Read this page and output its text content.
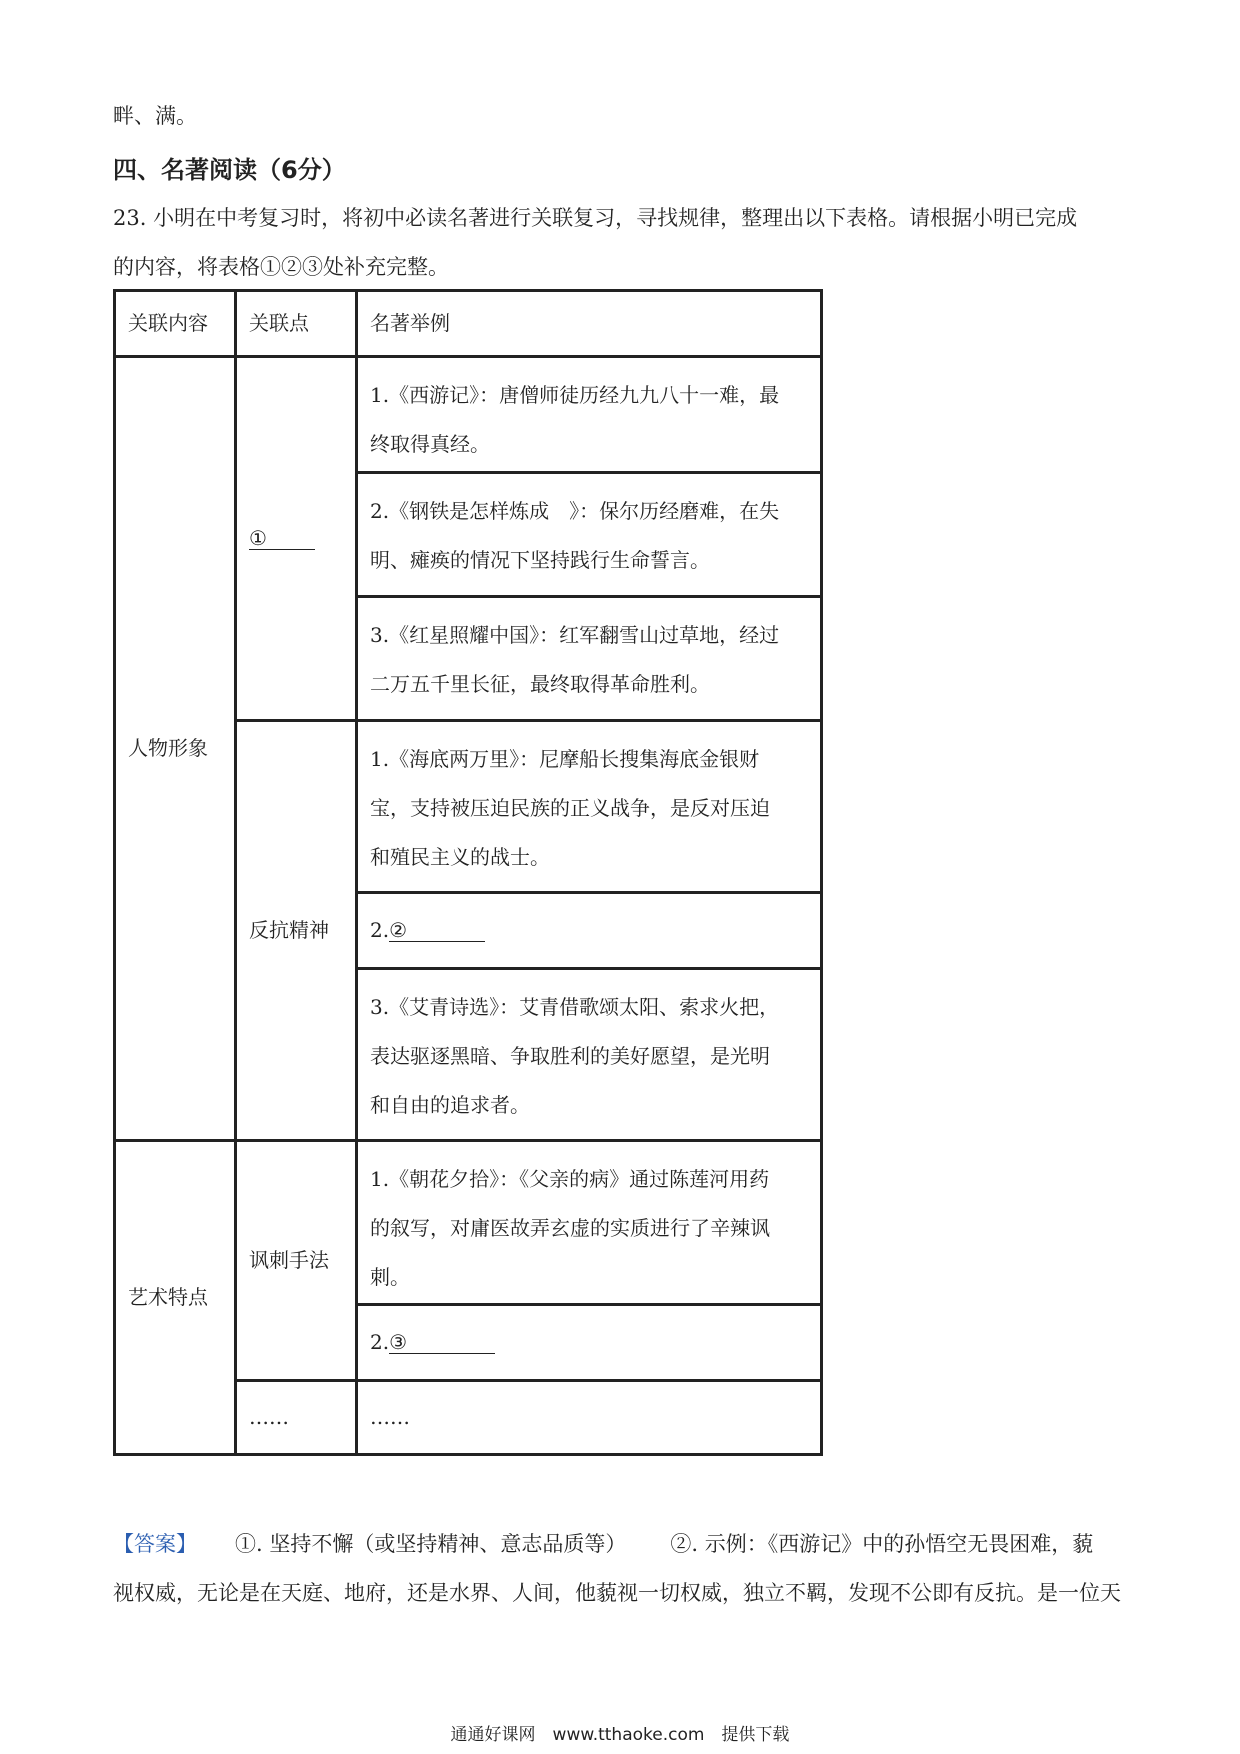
畔、满。
四、名著阅读（6分）
23. 小明在中考复习时，将初中必读名著进行关联复习，寻找规律，整理出以下表格。请根据小明已完成
的内容，将表格①②③处补充完整。
关联内容	关联点	名著举例
人物形象	①	1.《西游记》：唐僧师徒历经九九八十一难，最
终取得真经。

		2.《钢铁是怎样炼成　》：保尔历经磨难，在失
明、瘫痪的情况下坚持践行生命誓言。

		3.《红星照耀中国》：红军翻雪山过草地，经过
二万五千里长征，最终取得革命胜利。

	反抗精神	1.《海底两万里》：尼摩船长搜集海底金银财
宝，支持被压迫民族的正义战争，是反对压迫
和殖民主义的战士。

		2.②

		3.《艾青诗选》：艾青借歌颂太阳、索求火把，
表达驱逐黑暗、争取胜利的美好愿望，是光明
和自由的追求者。

艺术特点	讽刺手法	1.《朝花夕拾》：《父亲的病》通过陈莲河用药
的叙写，对庸医故弄玄虚的实质进行了辛辣讽
刺。

		2.③
	……	……
【答案】 ①. 坚持不懈（或坚持精神、意志品质等） ②. 示例：《西游记》中的孙悟空无畏困难，藐
视权威，无论是在天庭、地府，还是水界、人间，他藐视一切权威，独立不羁，发现不公即有反抗。是一位天
通通好课网　www.tthaoke.com　提供下载
